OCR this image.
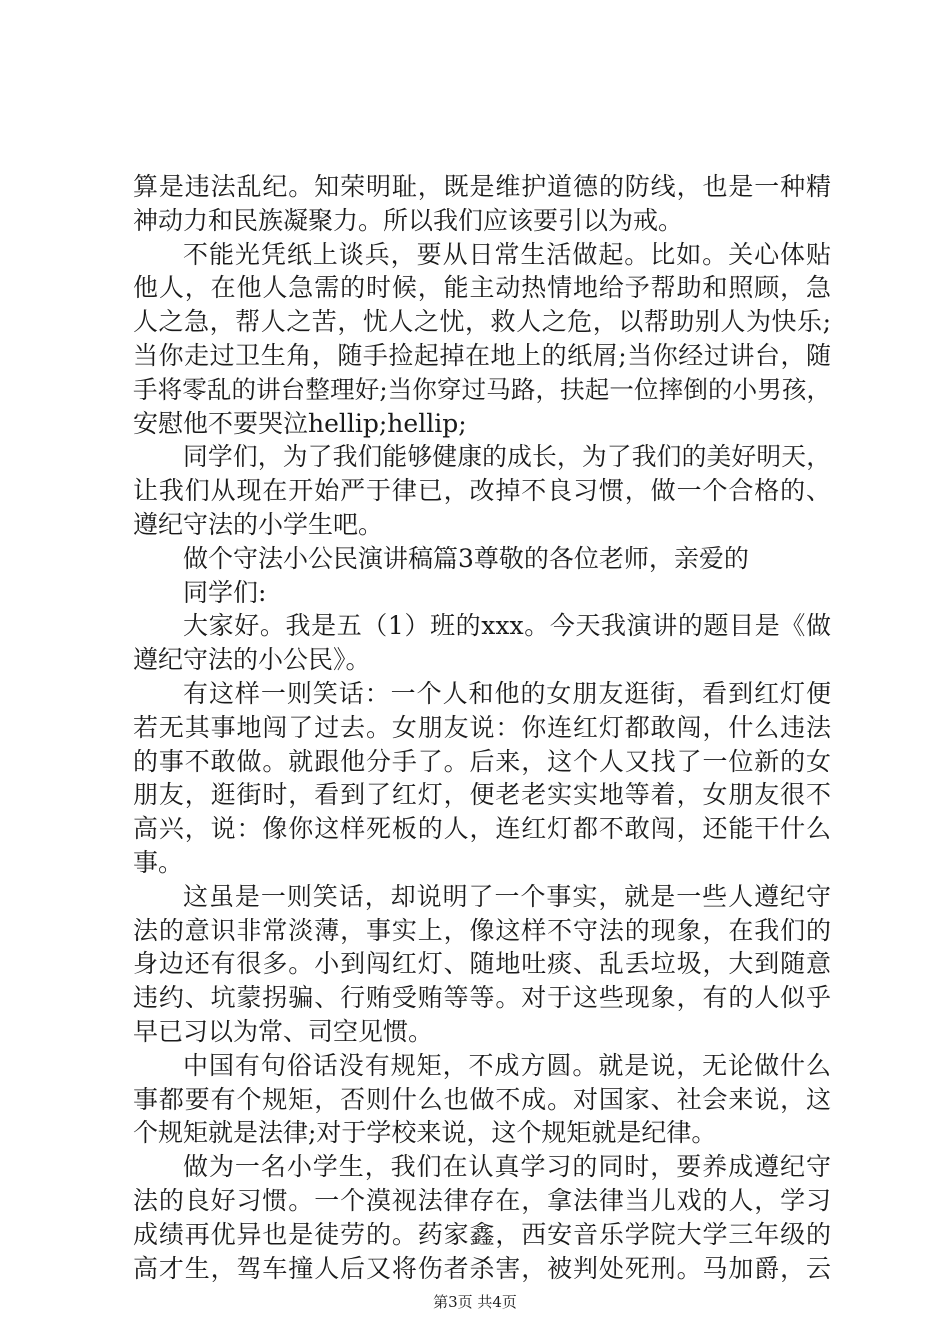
算是违法乱纪。知荣明耻，既是维护道德的防线，也是一种精
神动力和民族凝聚力。所以我们应该要引以为戒。
不能光凭纸上谈兵，要从日常生活做起。比如。关心体贴
他人，在他人急需的时候，能主动热情地给予帮助和照顾，急
人之急，帮人之苦，忧人之忧，救人之危，以帮助别人为快乐;
当你走过卫生角，随手捡起掉在地上的纸屑;当你经过讲台，随
手将零乱的讲台整理好;当你穿过马路，扶起一位摔倒的小男孩，
安慰他不要哭泣hellip;hellip;
同学们，为了我们能够健康的成长，为了我们的美好明天，
让我们从现在开始严于律已，改掉不良习惯，做一个合格的、
遵纪守法的小学生吧。
做个守法小公民演讲稿篇3尊敬的各位老师，亲爱的
同学们:
大家好。我是五（1）班的xxx。今天我演讲的题目是《做
遵纪守法的小公民》。
有这样一则笑话：一个人和他的女朋友逛街，看到红灯便
若无其事地闯了过去。女朋友说：你连红灯都敢闯，什么违法
的事不敢做。就跟他分手了。后来，这个人又找了一位新的女
朋友，逛街时，看到了红灯，便老老实实地等着，女朋友很不
高兴，说：像你这样死板的人，连红灯都不敢闯，还能干什么
事。
这虽是一则笑话，却说明了一个事实，就是一些人遵纪守
法的意识非常淡薄，事实上，像这样不守法的现象，在我们的
身边还有很多。小到闯红灯、随地吐痰、乱丢垃圾，大到随意
违约、坑蒙拐骗、行贿受贿等等。对于这些现象，有的人似乎
早已习以为常、司空见惯。
中国有句俗话没有规矩，不成方圆。就是说，无论做什么
事都要有个规矩，否则什么也做不成。对国家、社会来说，这
个规矩就是法律;对于学校来说，这个规矩就是纪律。
做为一名小学生，我们在认真学习的同时，要养成遵纪守
法的良好习惯。一个漠视法律存在，拿法律当儿戏的人，学习
成绩再优异也是徒劳的。药家鑫，西安音乐学院大学三年级的
高才生，驾车撞人后又将伤者杀害，被判处死刑。马加爵，云
第3页 共4页
